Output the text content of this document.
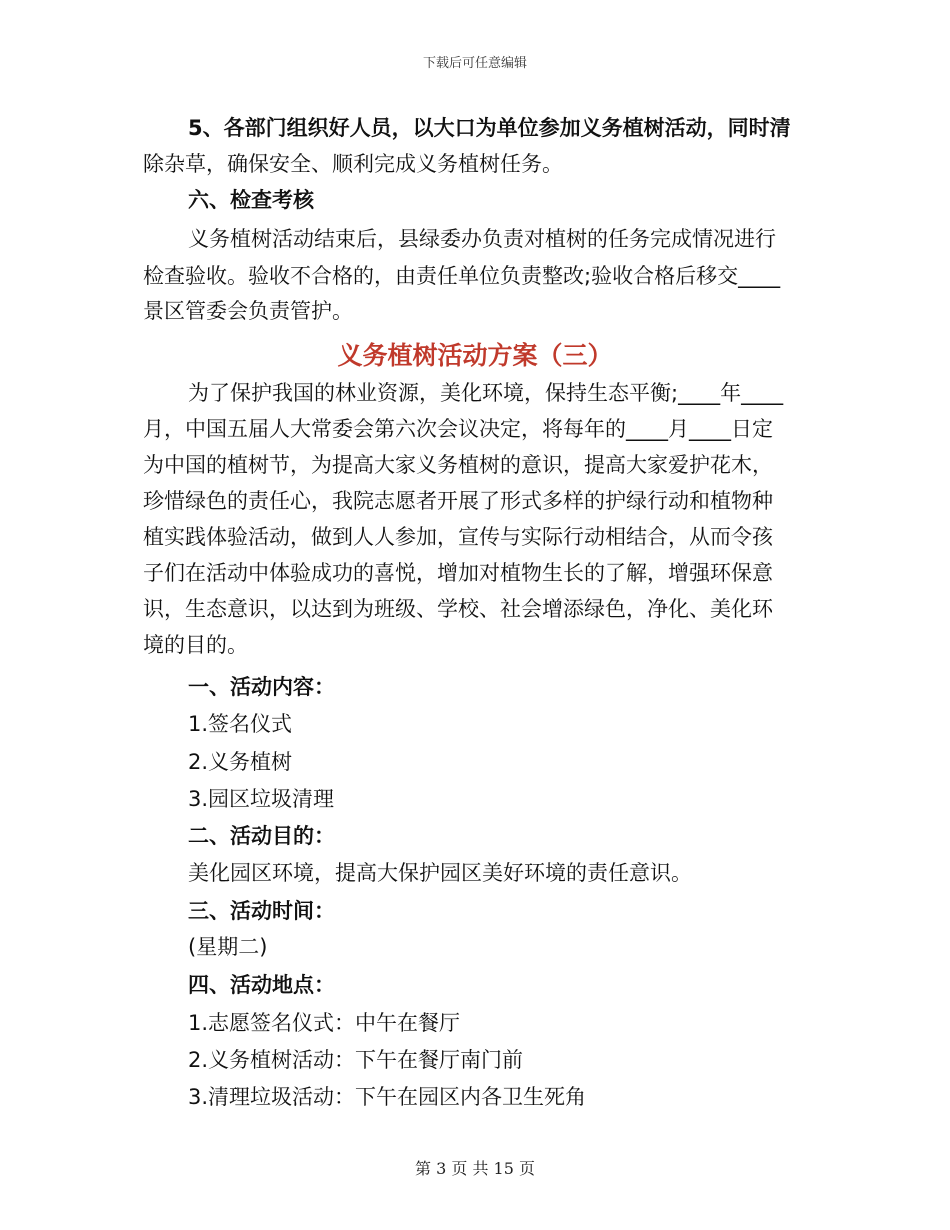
下载后可任意编辑
5、各部门组织好人员，以大口为单位参加义务植树活动，同时清
除杂草，确保安全、顺利完成义务植树任务。
六、检查考核
义务植树活动结束后，县绿委办负责对植树的任务完成情况进行
检查验收。验收不合格的，由责任单位负责整改;验收合格后移交____
景区管委会负责管护。
义务植树活动方案（三）
为了保护我国的林业资源，美化环境，保持生态平衡;____年____
月，中国五届人大常委会第六次会议决定，将每年的____月____日定
为中国的植树节，为提高大家义务植树的意识，提高大家爱护花木，
珍惜绿色的责任心，我院志愿者开展了形式多样的护绿行动和植物种
植实践体验活动，做到人人参加，宣传与实际行动相结合，从而令孩
子们在活动中体验成功的喜悦，增加对植物生长的了解，增强环保意
识，生态意识，以达到为班级、学校、社会增添绿色，净化、美化环
境的目的。
一、活动内容：
1.签名仪式
2.义务植树
3.园区垃圾清理
二、活动目的：
美化园区环境，提高大保护园区美好环境的责任意识。
三、活动时间：
(星期二)
四、活动地点：
1.志愿签名仪式：中午在餐厅
2.义务植树活动：下午在餐厅南门前
3.清理垃圾活动：下午在园区内各卫生死角
第 3 页 共 15 页
